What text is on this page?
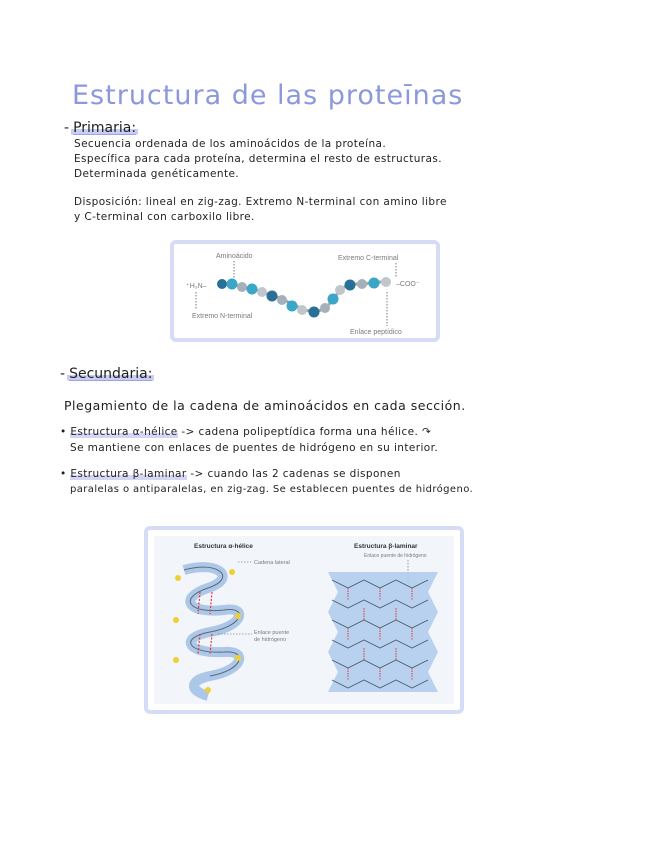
Estructura de las proteīnas
- Primaria:
Secuencia ordenada de los aminoácidos de la proteína.
Específica para cada proteína, determina el resto de estructuras.
Determinada genéticamente.
Disposición: lineal en zig-zag. Extremo N-terminal con amino libre
y C-terminal con carboxilo libre.
Aminoácido	Extremo C-terminal
⁺H₃N–	–COO⁻
Extremo N-terminal
Enlace peptídico
- Secundaria:
Plegamiento de la cadena de aminoácidos en cada sección.
• Estructura α-hélice -> cadena polipeptídica forma una hélice. ↷
Se mantiene con enlaces de puentes de hidrógeno en su interior.
• Estructura β-laminar -> cuando las 2 cadenas se disponen
paralelas o antiparalelas, en zig-zag. Se establecen puentes de hidrógeno.
Estructura α-hélice
Cadena lateral
Enlace puente
de hidrógeno
Estructura β-laminar
Enlace puente de hidrógeno
